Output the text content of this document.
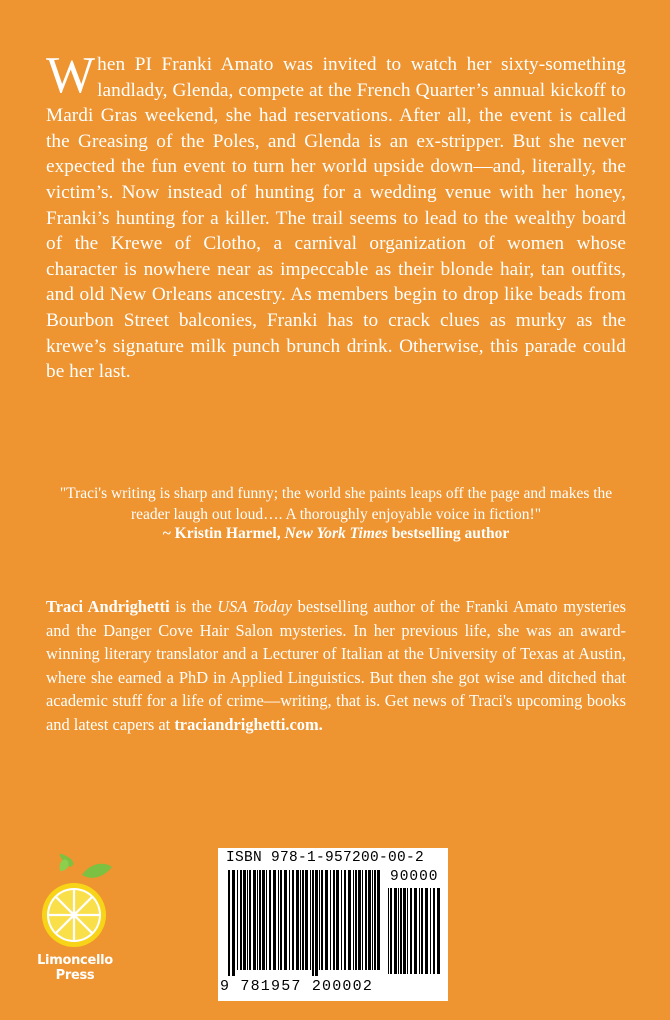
When PI Franki Amato was invited to watch her sixty-something landlady, Glenda, compete at the French Quarter’s annual kickoff to Mardi Gras weekend, she had reservations. After all, the event is called the Greasing of the Poles, and Glenda is an ex-stripper. But she never expected the fun event to turn her world upside down—and, literally, the victim’s. Now instead of hunting for a wedding venue with her honey, Franki’s hunting for a killer. The trail seems to lead to the wealthy board of the Krewe of Clotho, a carnival organization of women whose character is nowhere near as impeccable as their blonde hair, tan outfits, and old New Orleans ancestry. As members begin to drop like beads from Bourbon Street balconies, Franki has to crack clues as murky as the krewe’s signature milk punch brunch drink. Otherwise, this parade could be her last.

"Traci's writing is sharp and funny; the world she paints leaps off the page and makes the reader laugh out loud…. A thoroughly enjoyable voice in fiction!"

~ Kristin Harmel, New York Times bestselling author

Traci Andrighetti is the USA Today bestselling author of the Franki Amato mysteries and the Danger Cove Hair Salon mysteries. In her previous life, she was an award-winning literary translator and a Lecturer of Italian at the University of Texas at Austin, where she earned a PhD in Applied Linguistics. But then she got wise and ditched that academic stuff for a life of crime—writing, that is. Get news of Traci's upcoming books and latest capers at traciandrighetti.com.

Limoncello
Press
ISBN 978-1-957200-00-2
90000
9 781957 200002
